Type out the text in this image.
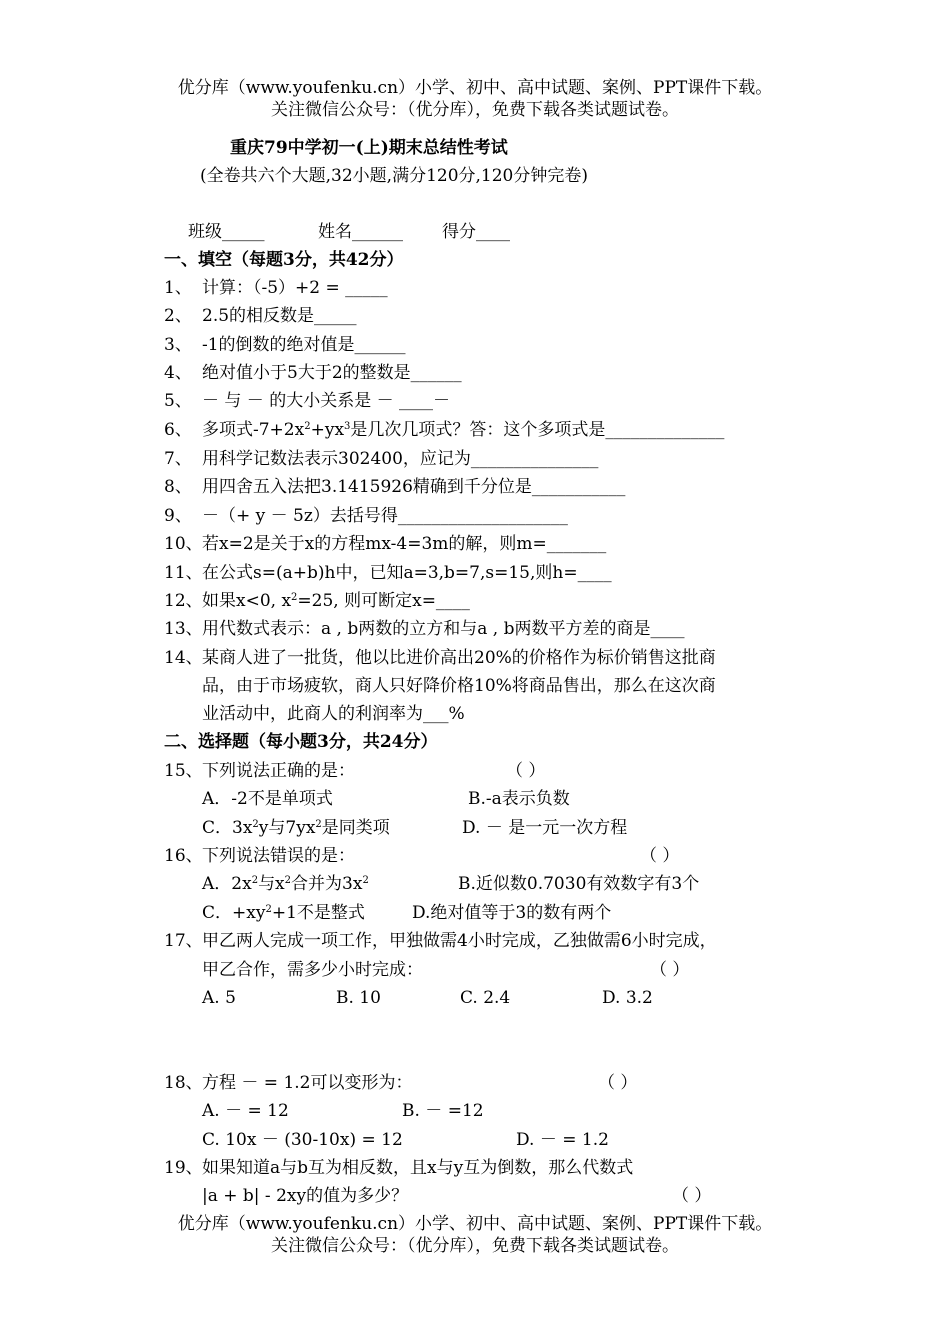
优分库（www.youfenku.cn）小学、初中、高中试题、案例、PPT课件下载。
关注微信公众号：（优分库），免费下载各类试题试卷。
重庆79中学初一(上)期末总结性考试
(全卷共六个大题,32小题,满分120分,120分钟完卷)
班级_____	姓名______ 得分____
一、填空（每题3分，共42分）
1、 计算：（-5）+2 = _____
2、 2.5的相反数是_____
3、 -1的倒数的绝对值是______
4、 绝对值小于5大于2的整数是______
5、 － 与 － 的大小关系是 － ____－
6、 多项式$-7+2x^2+yx^3$是几次几项式？答：这个多项式是______________
7、 用科学记数法表示302400，应记为_______________
8、 用四舍五入法把3.1415926精确到千分位是___________
9、 －（+ y － 5z）去括号得____________________
10、 若x=2是关于x的方程mx-4=3m的解，则m=_______
11、 在公式s=(a+b)h中，已知a=3,b=7,s=15,则h=____
12、 如果x<0, $x^2=25$, 则可断定x=____
13、 用代数式表示：a , b两数的立方和与a , b两数平方差的商是____
14、 某商人进了一批货，他以比进价高出20%的价格作为标价销售这批商
品，由于市场疲软，商人只好降价格10%将商品售出，那么在这次商
业活动中，此商人的利润率为___%
二、选择题（每小题3分，共24分）
15、 下列说法正确的是：	（ ）
A．-2不是单项式	B.-a表示负数
C．$3x^2y$与$7yx^2$是同类项	D. － 是一元一次方程
16、 下列说法错误的是：	（ ）
A．$2x^2$与$x^2$合并为$3x^2$	B.近似数0.7030有效数字有3个
C．$+xy^2+1$不是整式	D.绝对值等于3的数有两个
17、 甲乙两人完成一项工作，甲独做需4小时完成，乙独做需6小时完成，
甲乙合作，需多少小时完成：	（ ）
A. 5	B. 10	C. 2.4	D. 3.2
18、 方程 － = 1.2可以变形为：	（ ）
A. － = 12	B. － =12
C. 10x － (30-10x) = 12	D. － = 1.2
19、 如果知道a与b互为相反数，且x与y互为倒数，那么代数式
|a + b| - 2xy的值为多少？	（ ）
优分库（www.youfenku.cn）小学、初中、高中试题、案例、PPT课件下载。
关注微信公众号：（优分库），免费下载各类试题试卷。
